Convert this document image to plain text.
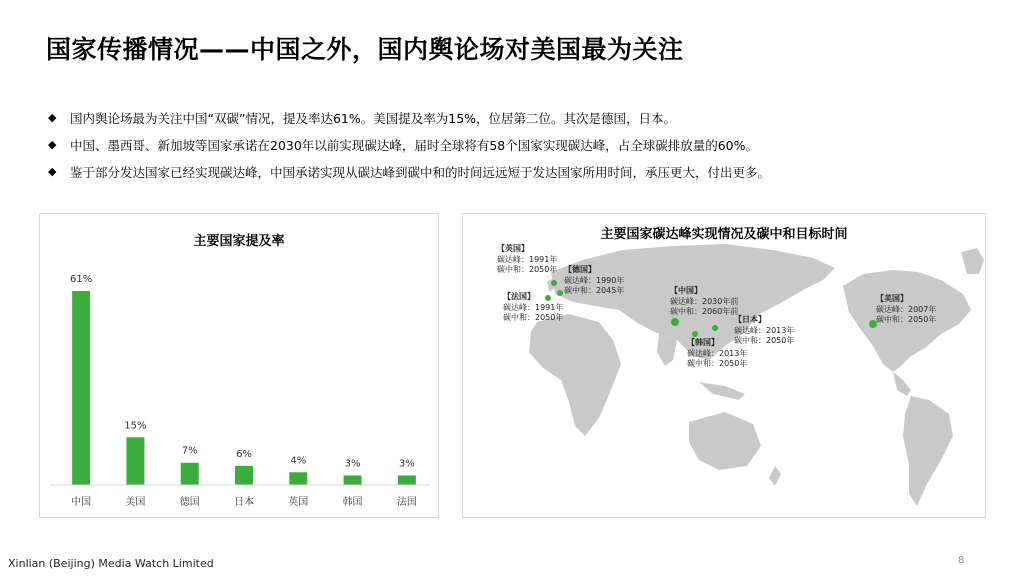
国家传播情况——中国之外，国内舆论场对美国最为关注
◆	国内舆论场最为关注中国“双碳”情况，提及率达61%。美国提及率为15%，位居第二位。其次是德国，日本。
◆	中国、墨西哥、新加坡等国家承诺在2030年以前实现碳达峰，届时全球将有58个国家实现碳达峰，占全球碳排放量的60%。
◆	鉴于部分发达国家已经实现碳达峰，中国承诺实现从碳达峰到碳中和的时间远远短于发达国家所用时间，承压更大，付出更多。
主要国家提及率
61%
中国
15%
美国
7%
德国
6%
日本
4%
英国
3%
韩国
3%
法国
主要国家碳达峰实现情况及碳中和目标时间
【英国】
碳达峰：1991年
碳中和：2050年 【德国】
碳达峰：1990年
碳中和：2045年
【法国】
碳达峰：1991年
碳中和：2050年
【中国】
碳达峰：2030年前
碳中和：2060年前
【日本】
碳达峰：2013年
碳中和：2050年
【韩国】
碳达峰：2013年
碳中和：2050年
【美国】
碳达峰：2007年
碳中和：2050年
Xinlian (Beijing) Media Watch Limited	8
